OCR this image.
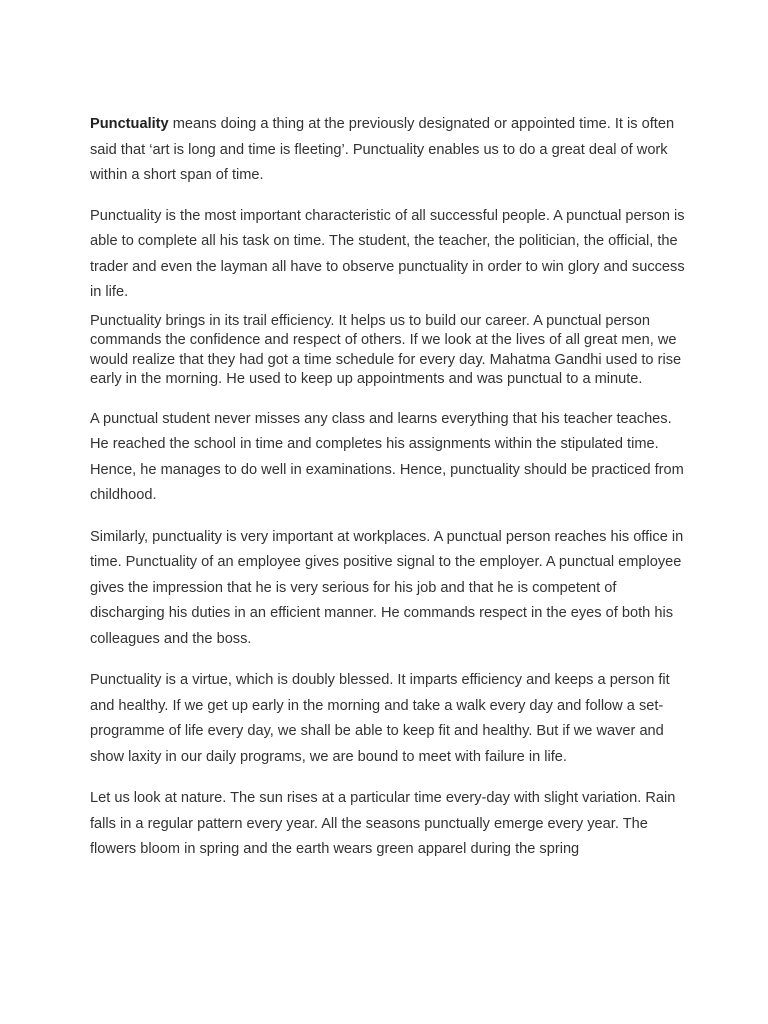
Punctuality means doing a thing at the previously designated or appointed time. It is often said that ‘art is long and time is fleeting’. Punctuality enables us to do a great deal of work within a short span of time.

Punctuality is the most important characteristic of all successful people. A punctual person is able to complete all his task on time. The student, the teacher, the politician, the official, the trader and even the layman all have to observe punctuality in order to win glory and success in life.

Punctuality brings in its trail efficiency. It helps us to build our career. A punctual person commands the confidence and respect of others. If we look at the lives of all great men, we would realize that they had got a time schedule for every day. Mahatma Gandhi used to rise early in the morning. He used to keep up appointments and was punctual to a minute.

A punctual student never misses any class and learns everything that his teacher teaches. He reached the school in time and completes his assignments within the stipulated time. Hence, he manages to do well in examinations. Hence, punctuality should be practiced from childhood.

Similarly, punctuality is very important at workplaces. A punctual person reaches his office in time. Punctuality of an employee gives positive signal to the employer. A punctual employee gives the impression that he is very serious for his job and that he is competent of discharging his duties in an efficient manner. He commands respect in the eyes of both his colleagues and the boss.

Punctuality is a virtue, which is doubly blessed. It imparts efficiency and keeps a person fit and healthy. If we get up early in the morning and take a walk every day and follow a set-programme of life every day, we shall be able to keep fit and healthy. But if we waver and show laxity in our daily programs, we are bound to meet with failure in life.

Let us look at nature. The sun rises at a particular time every-day with slight variation. Rain falls in a regular pattern every year. All the seasons punctually emerge every year. The flowers bloom in spring and the earth wears green apparel during the spring
